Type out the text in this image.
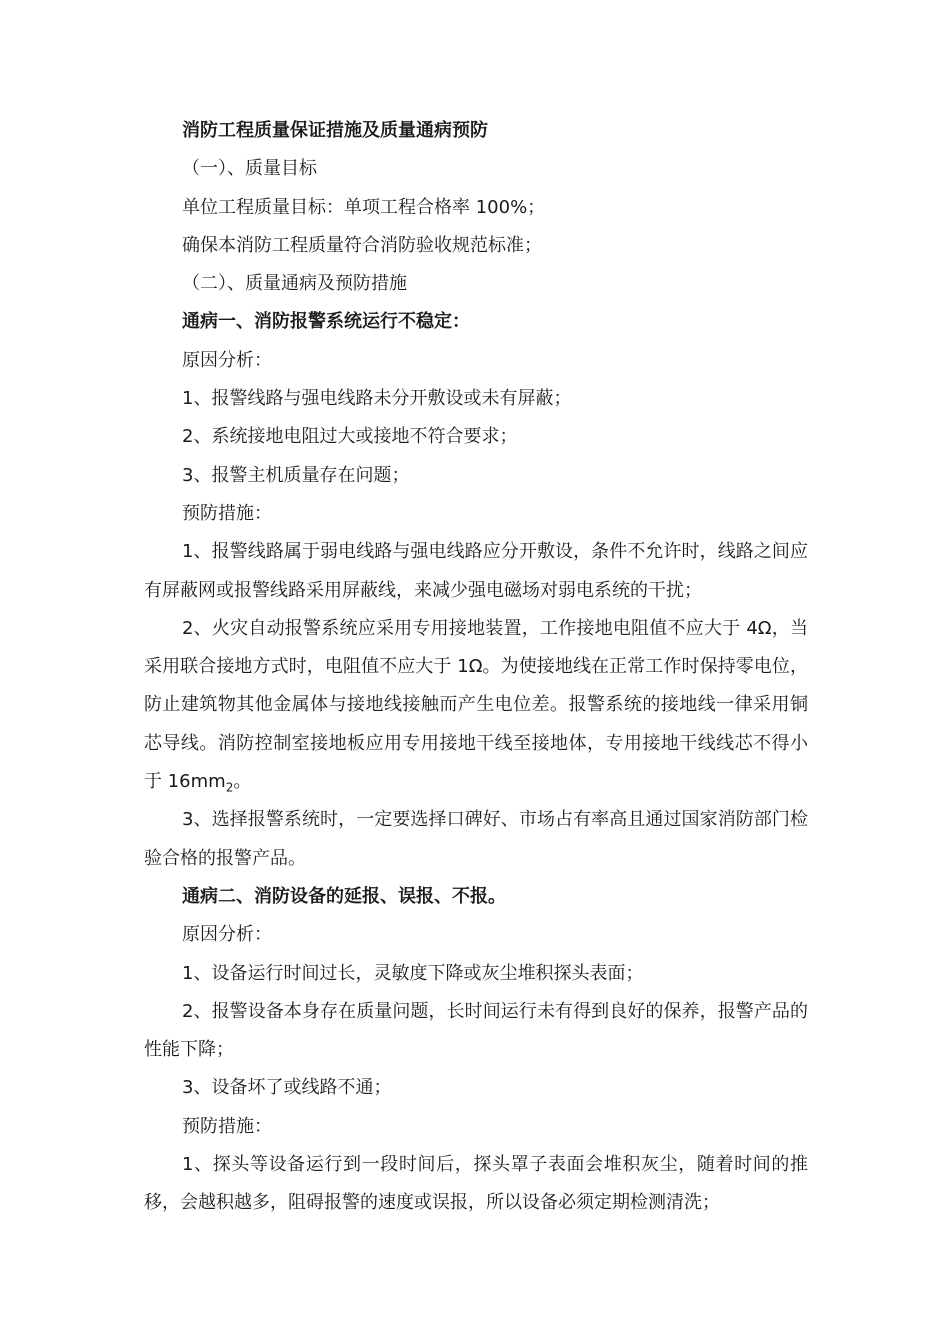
消防工程质量保证措施及质量通病预防

（一）、质量目标

单位工程质量目标：单项工程合格率 100%；

确保本消防工程质量符合消防验收规范标准；

（二）、质量通病及预防措施

通病一、消防报警系统运行不稳定：

原因分析：

1、报警线路与强电线路未分开敷设或未有屏蔽；

2、系统接地电阻过大或接地不符合要求；

3、报警主机质量存在问题；

预防措施：

1、报警线路属于弱电线路与强电线路应分开敷设，条件不允许时，线路之间应有屏蔽网或报警线路采用屏蔽线，来减少强电磁场对弱电系统的干扰；

2、火灾自动报警系统应采用专用接地装置，工作接地电阻值不应大于 4Ω，当采用联合接地方式时，电阻值不应大于 1Ω。为使接地线在正常工作时保持零电位，防止建筑物其他金属体与接地线接触而产生电位差。报警系统的接地线一律采用铜芯导线。消防控制室接地板应用专用接地干线至接地体，专用接地干线线芯不得小于 $16mm_2$。

3、选择报警系统时，一定要选择口碑好、市场占有率高且通过国家消防部门检验合格的报警产品。

通病二、消防设备的延报、误报、不报。

原因分析：

1、设备运行时间过长，灵敏度下降或灰尘堆积探头表面；

2、报警设备本身存在质量问题，长时间运行未有得到良好的保养，报警产品的性能下降；

3、设备坏了或线路不通；

预防措施：

1、探头等设备运行到一段时间后，探头罩子表面会堆积灰尘，随着时间的推移，会越积越多，阻碍报警的速度或误报，所以设备必须定期检测清洗；
